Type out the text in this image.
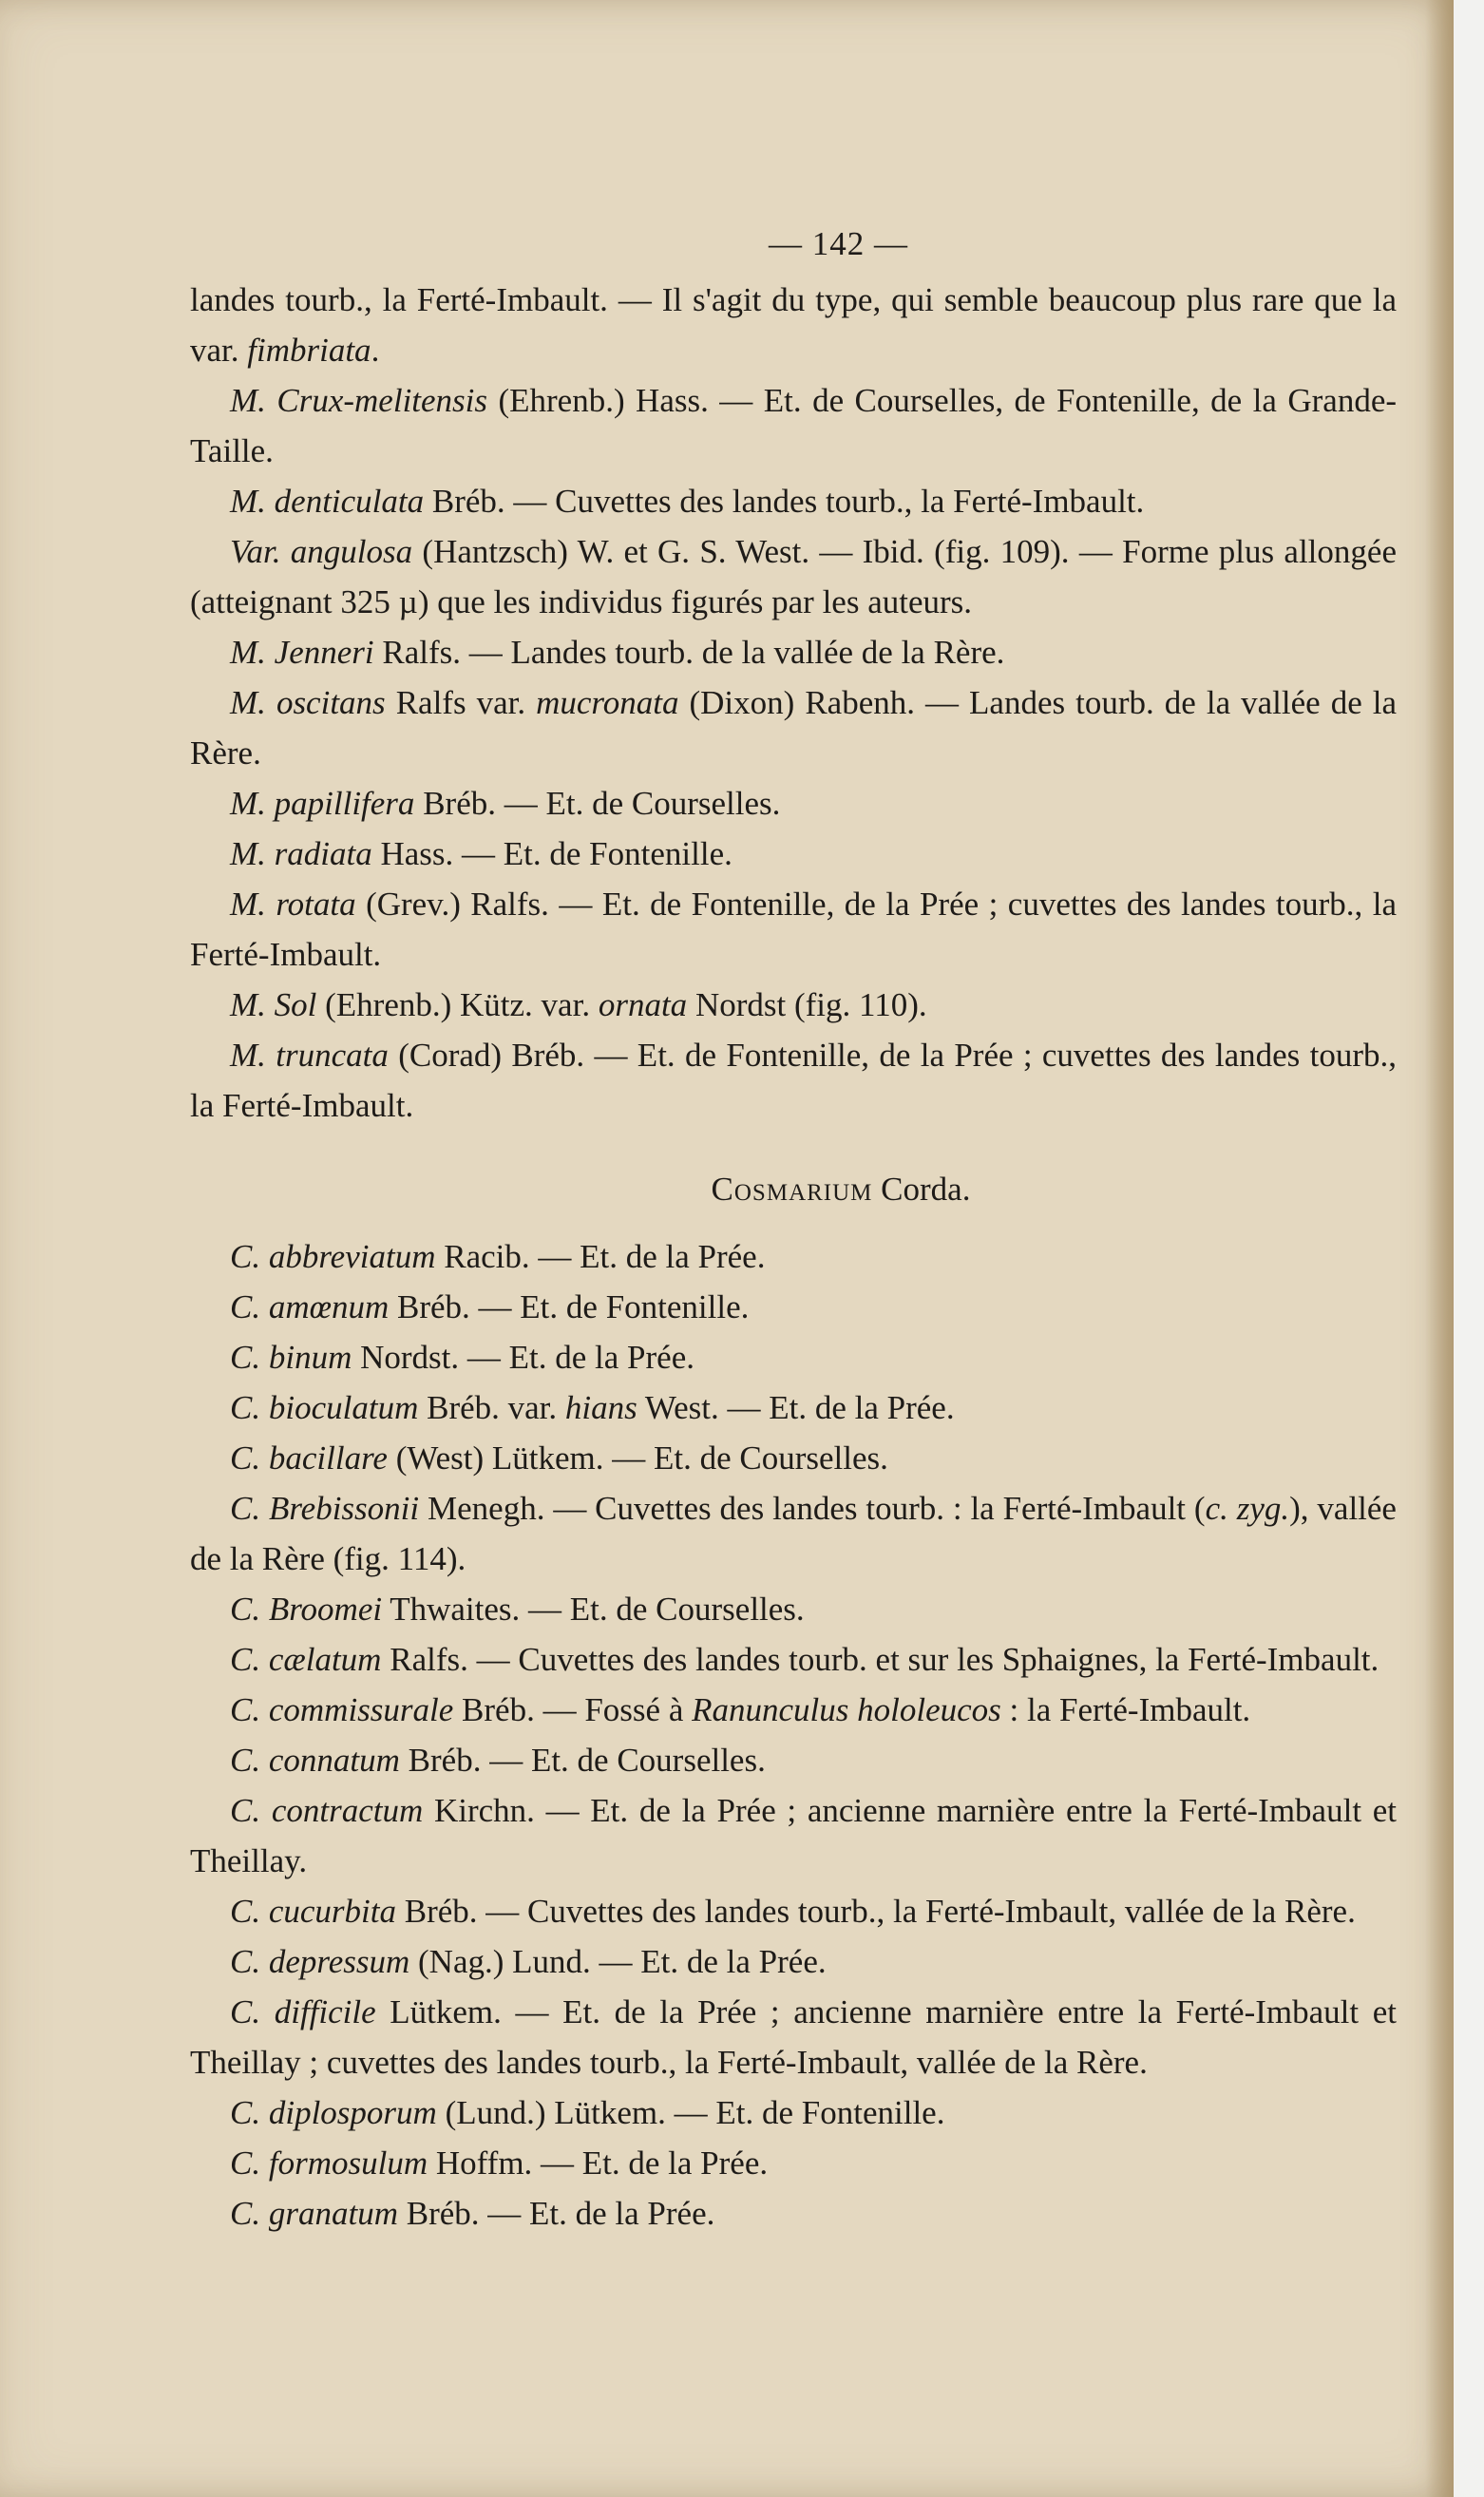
— 142 —

landes tourb., la Ferté-Imbault. — Il s'agit du type, qui semble beaucoup plus rare que la var. fimbriata.

M. Crux-melitensis (Ehrenb.) Hass. — Et. de Courselles, de Fontenille, de la Grande-Taille.

M. denticulata Bréb. — Cuvettes des landes tourb., la Ferté-Imbault.

Var. angulosa (Hantzsch) W. et G. S. West. — Ibid. (fig. 109). — Forme plus allongée (atteignant 325 µ) que les individus figurés par les auteurs.

M. Jenneri Ralfs. — Landes tourb. de la vallée de la Rère.

M. oscitans Ralfs var. mucronata (Dixon) Rabenh. — Landes tourb. de la vallée de la Rère.

M. papillifera Bréb. — Et. de Courselles.

M. radiata Hass. — Et. de Fontenille.

M. rotata (Grev.) Ralfs. — Et. de Fontenille, de la Prée ; cuvettes des landes tourb., la Ferté-Imbault.

M. Sol (Ehrenb.) Kütz. var. ornata Nordst (fig. 110).

M. truncata (Corad) Bréb. — Et. de Fontenille, de la Prée ; cuvettes des landes tourb., la Ferté-Imbault.

Cosmarium Corda.

C. abbreviatum Racib. — Et. de la Prée.

C. amœnum Bréb. — Et. de Fontenille.

C. binum Nordst. — Et. de la Prée.

C. bioculatum Bréb. var. hians West. — Et. de la Prée.

C. bacillare (West) Lütkem. — Et. de Courselles.

C. Brebissonii Menegh. — Cuvettes des landes tourb. : la Ferté-Imbault (c. zyg.), vallée de la Rère (fig. 114).

C. Broomei Thwaites. — Et. de Courselles.

C. cælatum Ralfs. — Cuvettes des landes tourb. et sur les Sphaignes, la Ferté-Imbault.

C. commissurale Bréb. — Fossé à Ranunculus hololeucos : la Ferté-Imbault.

C. connatum Bréb. — Et. de Courselles.

C. contractum Kirchn. — Et. de la Prée ; ancienne marnière entre la Ferté-Imbault et Theillay.

C. cucurbita Bréb. — Cuvettes des landes tourb., la Ferté-Imbault, vallée de la Rère.

C. depressum (Nag.) Lund. — Et. de la Prée.

C. difficile Lütkem. — Et. de la Prée ; ancienne marnière entre la Ferté-Imbault et Theillay ; cuvettes des landes tourb., la Ferté-Imbault, vallée de la Rère.

C. diplosporum (Lund.) Lütkem. — Et. de Fontenille.

C. formosulum Hoffm. — Et. de la Prée.

C. granatum Bréb. — Et. de la Prée.
